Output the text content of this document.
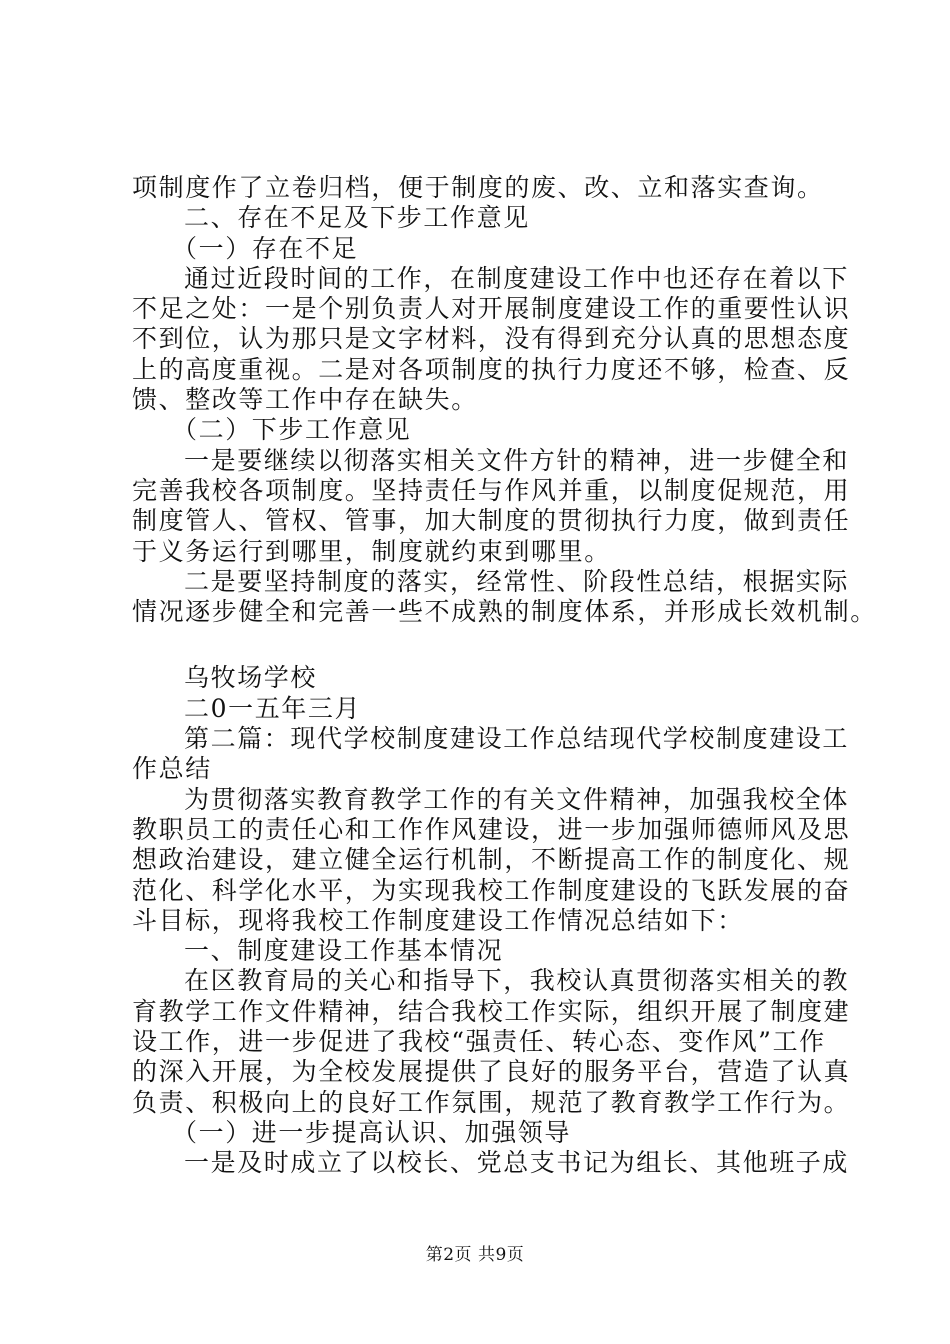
项制度作了立卷归档，便于制度的废、改、立和落实查询。
二、存在不足及下步工作意见
（一）存在不足
通过近段时间的工作，在制度建设工作中也还存在着以下
不足之处：一是个别负责人对开展制度建设工作的重要性认识
不到位，认为那只是文字材料，没有得到充分认真的思想态度
上的高度重视。二是对各项制度的执行力度还不够，检查、反
馈、整改等工作中存在缺失。
（二）下步工作意见
一是要继续以彻落实相关文件方针的精神，进一步健全和
完善我校各项制度。坚持责任与作风并重，以制度促规范，用
制度管人、管权、管事，加大制度的贯彻执行力度，做到责任
于义务运行到哪里，制度就约束到哪里。
二是要坚持制度的落实，经常性、阶段性总结，根据实际
情况逐步健全和完善一些不成熟的制度体系，并形成长效机制。
乌牧场学校
二0一五年三月
第二篇：现代学校制度建设工作总结现代学校制度建设工
作总结
为贯彻落实教育教学工作的有关文件精神，加强我校全体
教职员工的责任心和工作作风建设，进一步加强师德师风及思
想政治建设，建立健全运行机制，不断提高工作的制度化、规
范化、科学化水平，为实现我校工作制度建设的飞跃发展的奋
斗目标，现将我校工作制度建设工作情况总结如下：
一、制度建设工作基本情况
在区教育局的关心和指导下，我校认真贯彻落实相关的教
育教学工作文件精神，结合我校工作实际，组织开展了制度建
设工作，进一步促进了我校“强责任、转心态、变作风”工作
的深入开展，为全校发展提供了良好的服务平台，营造了认真
负责、积极向上的良好工作氛围，规范了教育教学工作行为。
（一）进一步提高认识、加强领导
一是及时成立了以校长、党总支书记为组长、其他班子成
第2页 共9页
